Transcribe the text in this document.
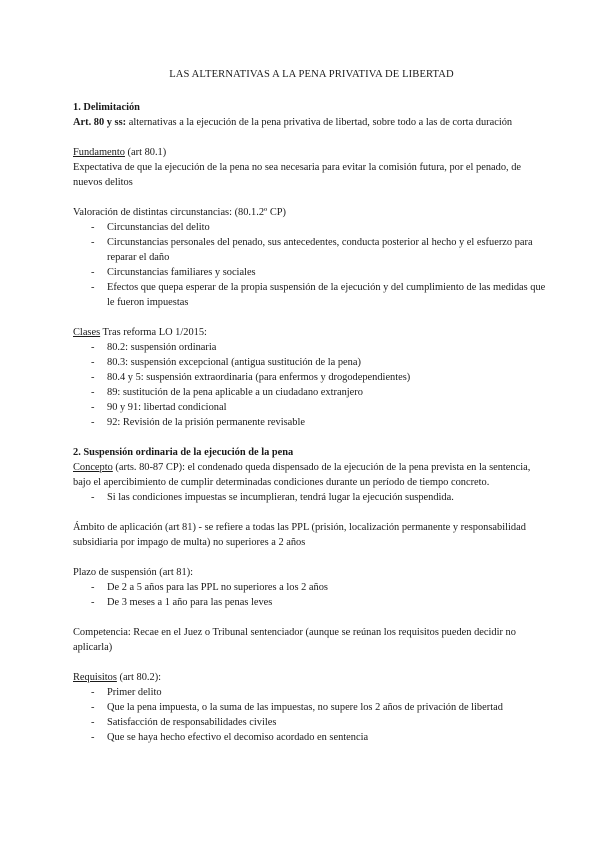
LAS ALTERNATIVAS A LA PENA PRIVATIVA DE LIBERTAD

1. Delimitación

Art. 80 y ss: alternativas a la ejecución de la pena privativa de libertad, sobre todo a las de corta duración

Fundamento (art 80.1)

Expectativa de que la ejecución de la pena no sea necesaria para evitar la comisión futura, por el penado, de nuevos delitos

Valoración de distintas circunstancias: (80.1.2º CP)

- Circunstancias del delito
- Circunstancias personales del penado, sus antecedentes, conducta posterior al hecho y el esfuerzo para reparar el daño
- Circunstancias familiares y sociales
- Efectos que quepa esperar de la propia suspensión de la ejecución y del cumplimiento de las medidas que le fueron impuestas

Clases Tras reforma LO 1/2015:

- 80.2: suspensión ordinaria
- 80.3: suspensión excepcional (antigua sustitución de la pena)
- 80.4 y 5: suspensión extraordinaria (para enfermos y drogodependientes)
- 89: sustitución de la pena aplicable a un ciudadano extranjero
- 90 y 91: libertad condicional
- 92: Revisión de la prisión permanente revisable

2. Suspensión ordinaria de la ejecución de la pena

Concepto (arts. 80-87 CP): el condenado queda dispensado de la ejecución de la pena prevista en la sentencia, bajo el apercibimiento de cumplir determinadas condiciones durante un período de tiempo concreto.

- Si las condiciones impuestas se incumplieran, tendrá lugar la ejecución suspendida.

Ámbito de aplicación (art 81) - se refiere a todas las PPL (prisión, localización permanente y responsabilidad subsidiaria por impago de multa) no superiores a 2 años

Plazo de suspensión (art 81):

- De 2 a 5 años para las PPL no superiores a los 2 años
- De 3 meses a 1 año para las penas leves

Competencia: Recae en el Juez o Tribunal sentenciador (aunque se reúnan los requisitos pueden decidir no aplicarla)

Requisitos (art 80.2):

- Primer delito
- Que la pena impuesta, o la suma de las impuestas, no supere los 2 años de privación de libertad
- Satisfacción de responsabilidades civiles
- Que se haya hecho efectivo el decomiso acordado en sentencia
